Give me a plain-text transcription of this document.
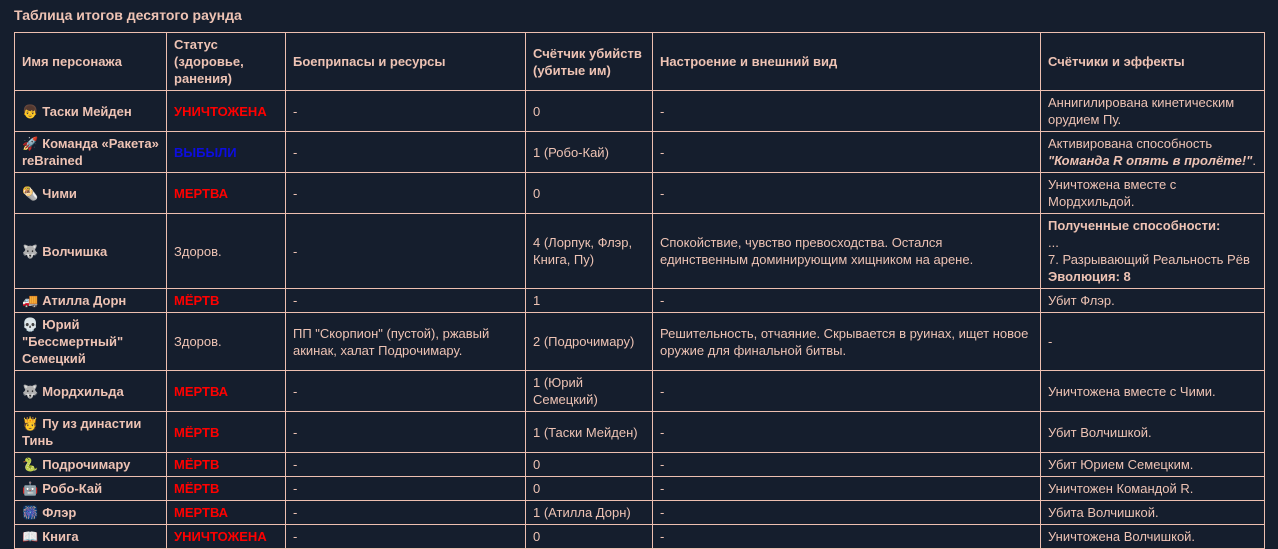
Таблица итогов десятого раунда
Имя персонажа	Статус (здоровье, ранения)	Боеприпасы и ресурсы	Счётчик убийств (убитые им)	Настроение и внешний вид	Счётчики и эффекты
👦 Таски Мейден	УНИЧТОЖЕНА	-	0	-	Аннигилирована кинетическим орудием Пу.
🚀 Команда «Ракета» reBrained	ВЫБЫЛИ	-	1 (Робо-Кай)	-	Активирована способность "Команда R опять в пролёте!".
🌯 Чими	МЕРТВА	-	0	-	Уничтожена вместе с Мордхильдой.
🐺 Волчишка	Здоров.	-	4 (Лорпук, Флэр, Книга, Пу)	Спокойствие, чувство превосходства. Остался единственным доминирующим хищником на арене.	Полученные способности:
...
7. Разрывающий Реальность Рёв
Эволюция: 8
🚚 Атилла Дорн	МЁРТВ	-	1	-	Убит Флэр.
💀 Юрий "Бессмертный" Семецкий	Здоров.	ПП "Скорпион" (пустой), ржавый акинак, халат Подрочимару.	2 (Подрочимару)	Решительность, отчаяние. Скрывается в руинах, ищет новое оружие для финальной битвы.	-
🐺 Мордхильда	МЕРТВА	-	1 (Юрий Семецкий)	-	Уничтожена вместе с Чими.
🫅 Пу из династии Тинь	МЁРТВ	-	1 (Таски Мейден)	-	Убит Волчишкой.
🐍 Подрочимару	МЁРТВ	-	0	-	Убит Юрием Семецким.
🤖 Робо-Кай	МЁРТВ	-	0	-	Уничтожен Командой R.
🎆 Флэр	МЕРТВА	-	1 (Атилла Дорн)	-	Убита Волчишкой.
📖 Книга	УНИЧТОЖЕНА	-	0	-	Уничтожена Волчишкой.
